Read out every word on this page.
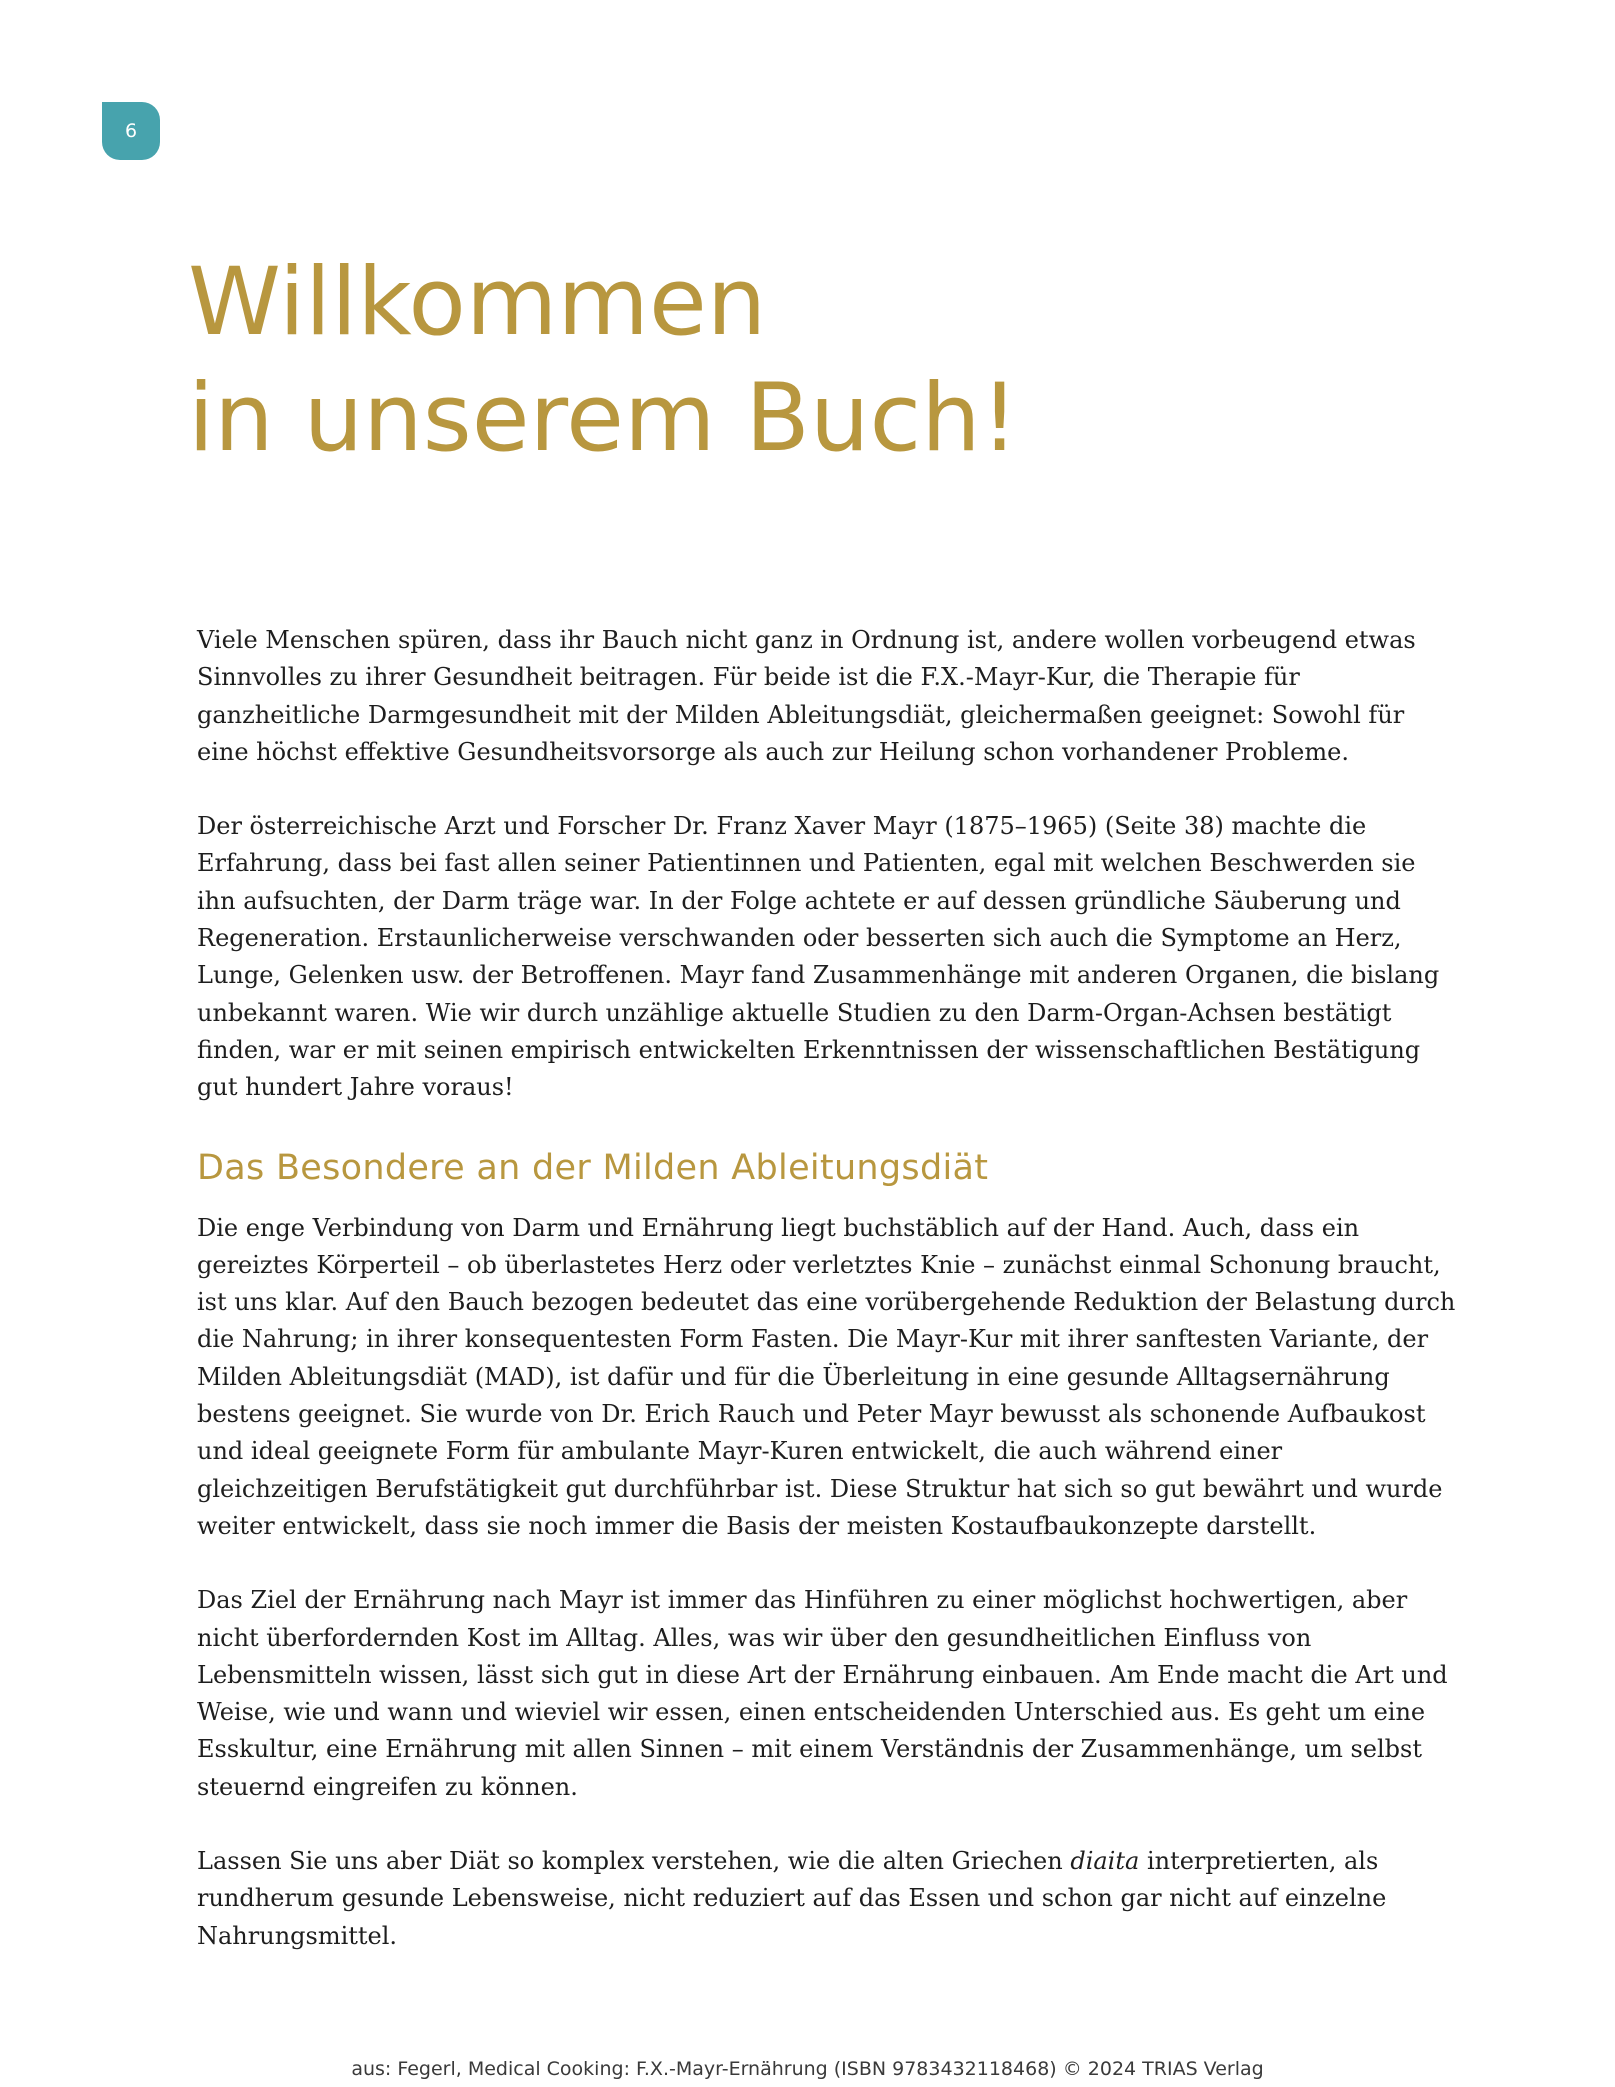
6
Willkommen
in unserem Buch!

Viele Menschen spüren, dass ihr Bauch nicht ganz in Ordnung ist, andere wollen vorbeugend etwas Sinnvolles zu ihrer Gesundheit beitragen. Für beide ist die F.X.-Mayr-Kur, die Therapie für ganzheitliche Darmgesundheit mit der Milden Ableitungsdiät, gleichermaßen geeignet: Sowohl für eine höchst effektive Gesundheitsvorsorge als auch zur Heilung schon vorhandener Probleme.

Der österreichische Arzt und Forscher Dr. Franz Xaver Mayr (1875–1965) (Seite 38) machte die Erfahrung, dass bei fast allen seiner Patientinnen und Patienten, egal mit welchen Beschwerden sie ihn aufsuchten, der Darm träge war. In der Folge achtete er auf dessen gründliche Säuberung und Regeneration. Erstaunlicherweise verschwanden oder besserten sich auch die Symptome an Herz, Lunge, Gelenken usw. der Betroffenen. Mayr fand Zusammenhänge mit anderen Organen, die bislang unbekannt waren. Wie wir durch unzählige aktuelle Studien zu den Darm-Organ-Achsen bestätigt finden, war er mit seinen empirisch entwickelten Erkenntnissen der wissenschaftlichen Bestätigung gut hundert Jahre voraus!

Das Besondere an der Milden Ableitungsdiät

Die enge Verbindung von Darm und Ernährung liegt buchstäblich auf der Hand. Auch, dass ein gereiztes Körperteil – ob überlastetes Herz oder verletztes Knie – zunächst einmal Schonung braucht, ist uns klar. Auf den Bauch bezogen bedeutet das eine vorübergehende Reduktion der Belastung durch die Nahrung; in ihrer konsequentesten Form Fasten. Die Mayr-Kur mit ihrer sanftesten Variante, der Milden Ableitungsdiät (MAD), ist dafür und für die Überleitung in eine gesunde Alltagsernährung bestens geeignet. Sie wurde von Dr. Erich Rauch und Peter Mayr bewusst als schonende Aufbaukost und ideal geeignete Form für ambulante Mayr-Kuren entwickelt, die auch während einer gleichzeitigen Berufstätigkeit gut durchführbar ist. Diese Struktur hat sich so gut bewährt und wurde weiter entwickelt, dass sie noch immer die Basis der meisten Kostaufbaukonzepte darstellt.

Das Ziel der Ernährung nach Mayr ist immer das Hinführen zu einer möglichst hochwertigen, aber nicht überfordernden Kost im Alltag. Alles, was wir über den gesundheitlichen Einfluss von Lebensmitteln wissen, lässt sich gut in diese Art der Ernährung einbauen. Am Ende macht die Art und Weise, wie und wann und wieviel wir essen, einen entscheidenden Unterschied aus. Es geht um eine Esskultur, eine Ernährung mit allen Sinnen – mit einem Verständnis der Zusammenhänge, um selbst steuernd eingreifen zu können.

Lassen Sie uns aber Diät so komplex verstehen, wie die alten Griechen diaita interpretierten, als rundherum gesunde Lebensweise, nicht reduziert auf das Essen und schon gar nicht auf einzelne Nahrungsmittel.

aus: Fegerl, Medical Cooking: F.X.-Mayr-Ernährung (ISBN 9783432118468) © 2024 TRIAS Verlag
